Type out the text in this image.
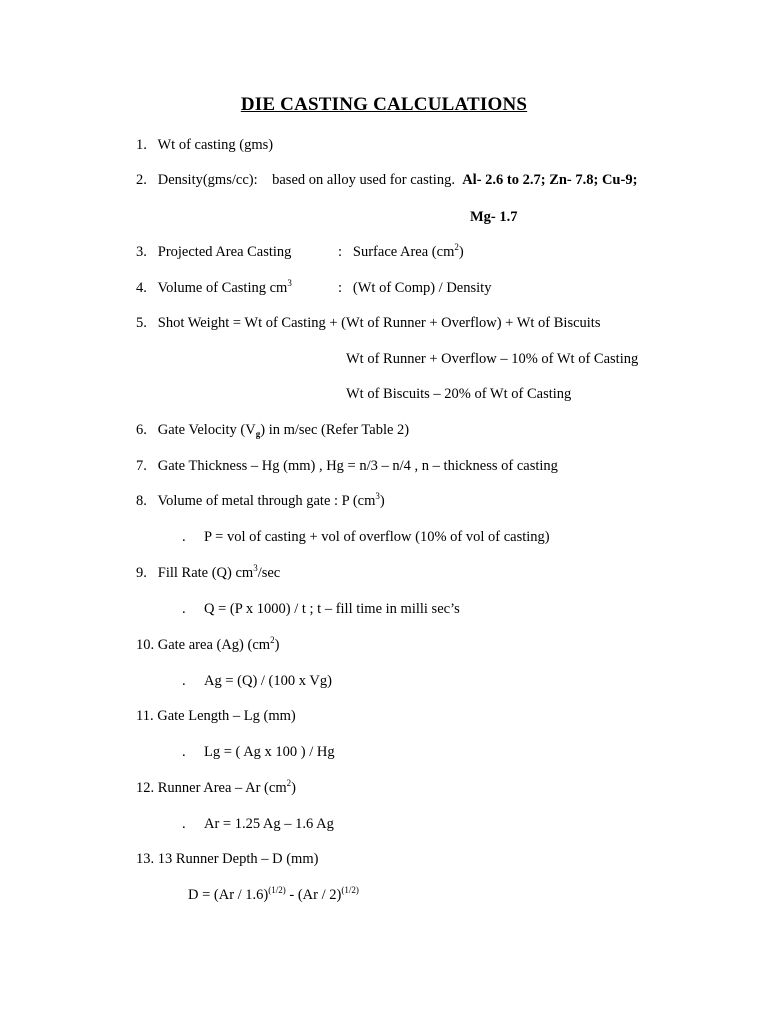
DIE CASTING CALCULATIONS
1. Wt of casting (gms)
2. Density(gms/cc): based on alloy used for casting. Al- 2.6 to 2.7; Zn- 7.8; Cu-9;
Mg- 1.7
3. Projected Area Casting	: Surface Area $(cm^2)$
4. Volume of Casting $cm^3$	: (Wt of Comp) / Density
5. Shot Weight = Wt of Casting + (Wt of Runner + Overflow) + Wt of Biscuits
Wt of Runner + Overflow – 10% of Wt of Casting
Wt of Biscuits – 20% of Wt of Casting
6. Gate Velocity $(V_g)$ in m/sec (Refer Table 2)
7. Gate Thickness – Hg (mm) , Hg = n/3 – n/4 , n – thickness of casting
8. Volume of metal through gate : P $(cm^3)$
. P = vol of casting + vol of overflow (10% of vol of casting)
9. Fill Rate (Q) $cm^3/\sec$
. Q = (P x 1000) / t ; t – fill time in milli sec’s
10. Gate area (Ag) $(cm^2)$
. Ag = (Q) / (100 x Vg)
11. Gate Length – Lg (mm)
. Lg = ( Ag x 100 ) / Hg
12. Runner Area – Ar $(cm^2)$
. Ar = 1.25 Ag – 1.6 Ag
13. 13 Runner Depth – D (mm)
D = (Ar / 1.6)$^{(1/2)}$ - (Ar / 2)$^{(1/2)}$
